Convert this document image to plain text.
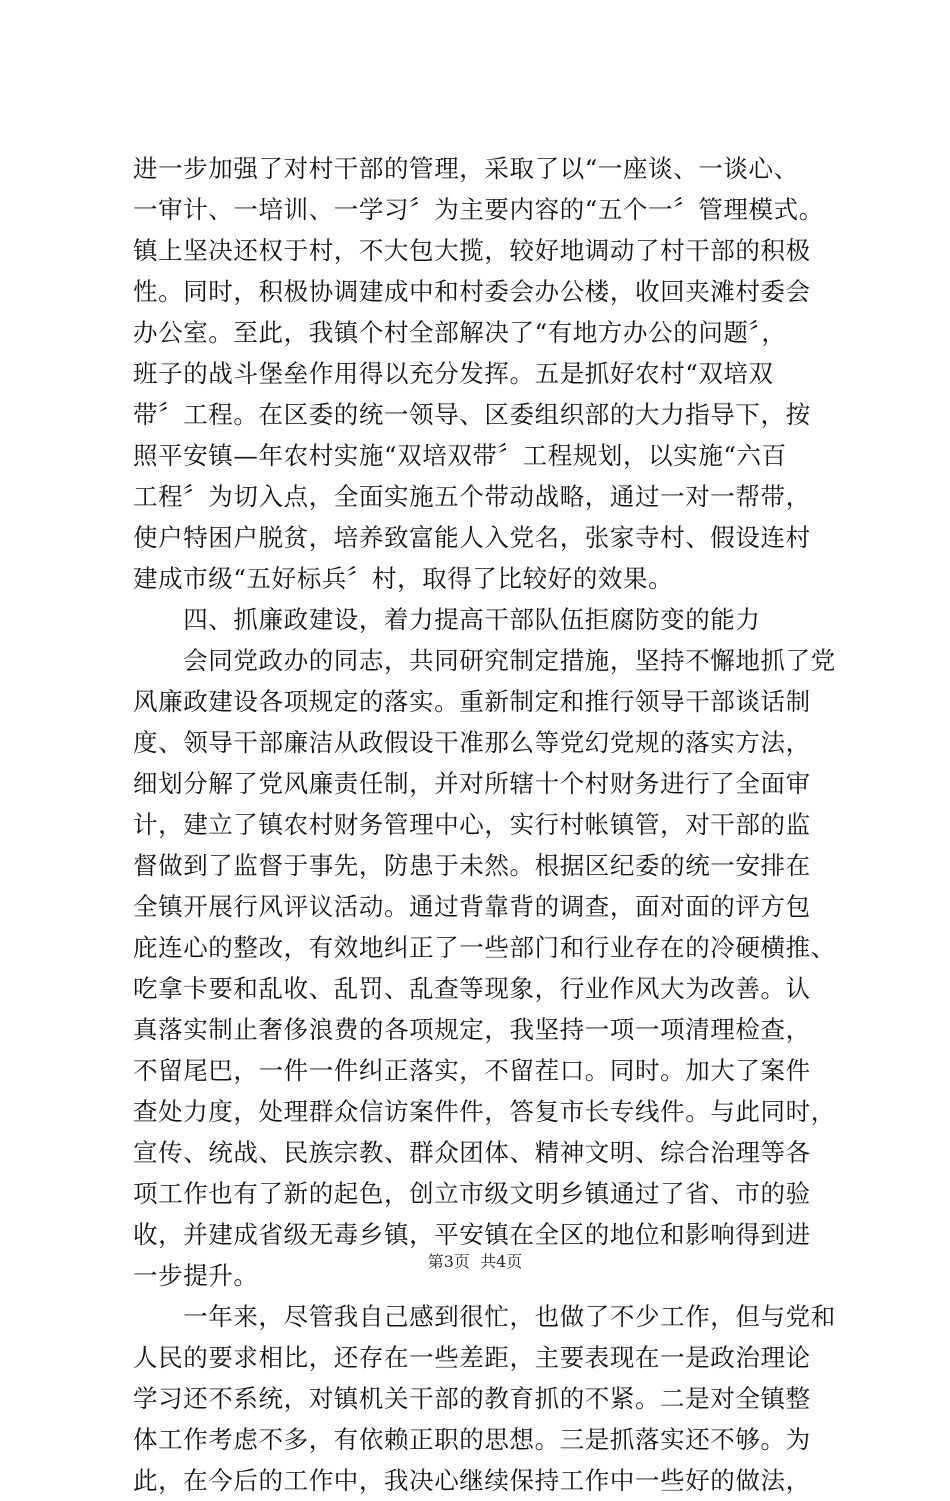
进一步加强了对村干部的管理，采取了以“一座谈、一谈心、
一审计、一培训、一学习〞为主要内容的“五个一〞管理模式。
镇上坚决还权于村，不大包大揽，较好地调动了村干部的积极
性。同时，积极协调建成中和村委会办公楼，收回夹滩村委会
办公室。至此，我镇个村全部解决了“有地方办公的问题〞，
班子的战斗堡垒作用得以充分发挥。五是抓好农村“双培双
带〞工程。在区委的统一领导、区委组织部的大力指导下，按
照平安镇—年农村实施“双培双带〞工程规划，以实施“六百
工程〞为切入点，全面实施五个带动战略，通过一对一帮带，
使户特困户脱贫，培养致富能人入党名，张家寺村、假设连村
建成市级“五好标兵〞村，取得了比较好的效果。
　　四、抓廉政建设，着力提高干部队伍拒腐防变的能力
　　会同党政办的同志，共同研究制定措施，坚持不懈地抓了党
风廉政建设各项规定的落实。重新制定和推行领导干部谈话制
度、领导干部廉洁从政假设干准那么等党幻党规的落实方法，
细划分解了党风廉责任制，并对所辖十个村财务进行了全面审
计，建立了镇农村财务管理中心，实行村帐镇管，对干部的监
督做到了监督于事先，防患于未然。根据区纪委的统一安排在
全镇开展行风评议活动。通过背靠背的调查，面对面的评方包
庇连心的整改，有效地纠正了一些部门和行业存在的冷硬横推、
吃拿卡要和乱收、乱罚、乱查等现象，行业作风大为改善。认
真落实制止奢侈浪费的各项规定，我坚持一项一项清理检查，
不留尾巴，一件一件纠正落实，不留茬口。同时。加大了案件
查处力度，处理群众信访案件件，答复市长专线件。与此同时，
宣传、统战、民族宗教、群众团体、精神文明、综合治理等各
项工作也有了新的起色，创立市级文明乡镇通过了省、市的验
收，并建成省级无毒乡镇，平安镇在全区的地位和影响得到进
一步提升。
　　一年来，尽管我自己感到很忙，也做了不少工作，但与党和
人民的要求相比，还存在一些差距，主要表现在一是政治理论
学习还不系统，对镇机关干部的教育抓的不紧。二是对全镇整
体工作考虑不多，有依赖正职的思想。三是抓落实还不够。为
此，在今后的工作中，我决心继续保持工作中一些好的做法，
第3页  共4页
